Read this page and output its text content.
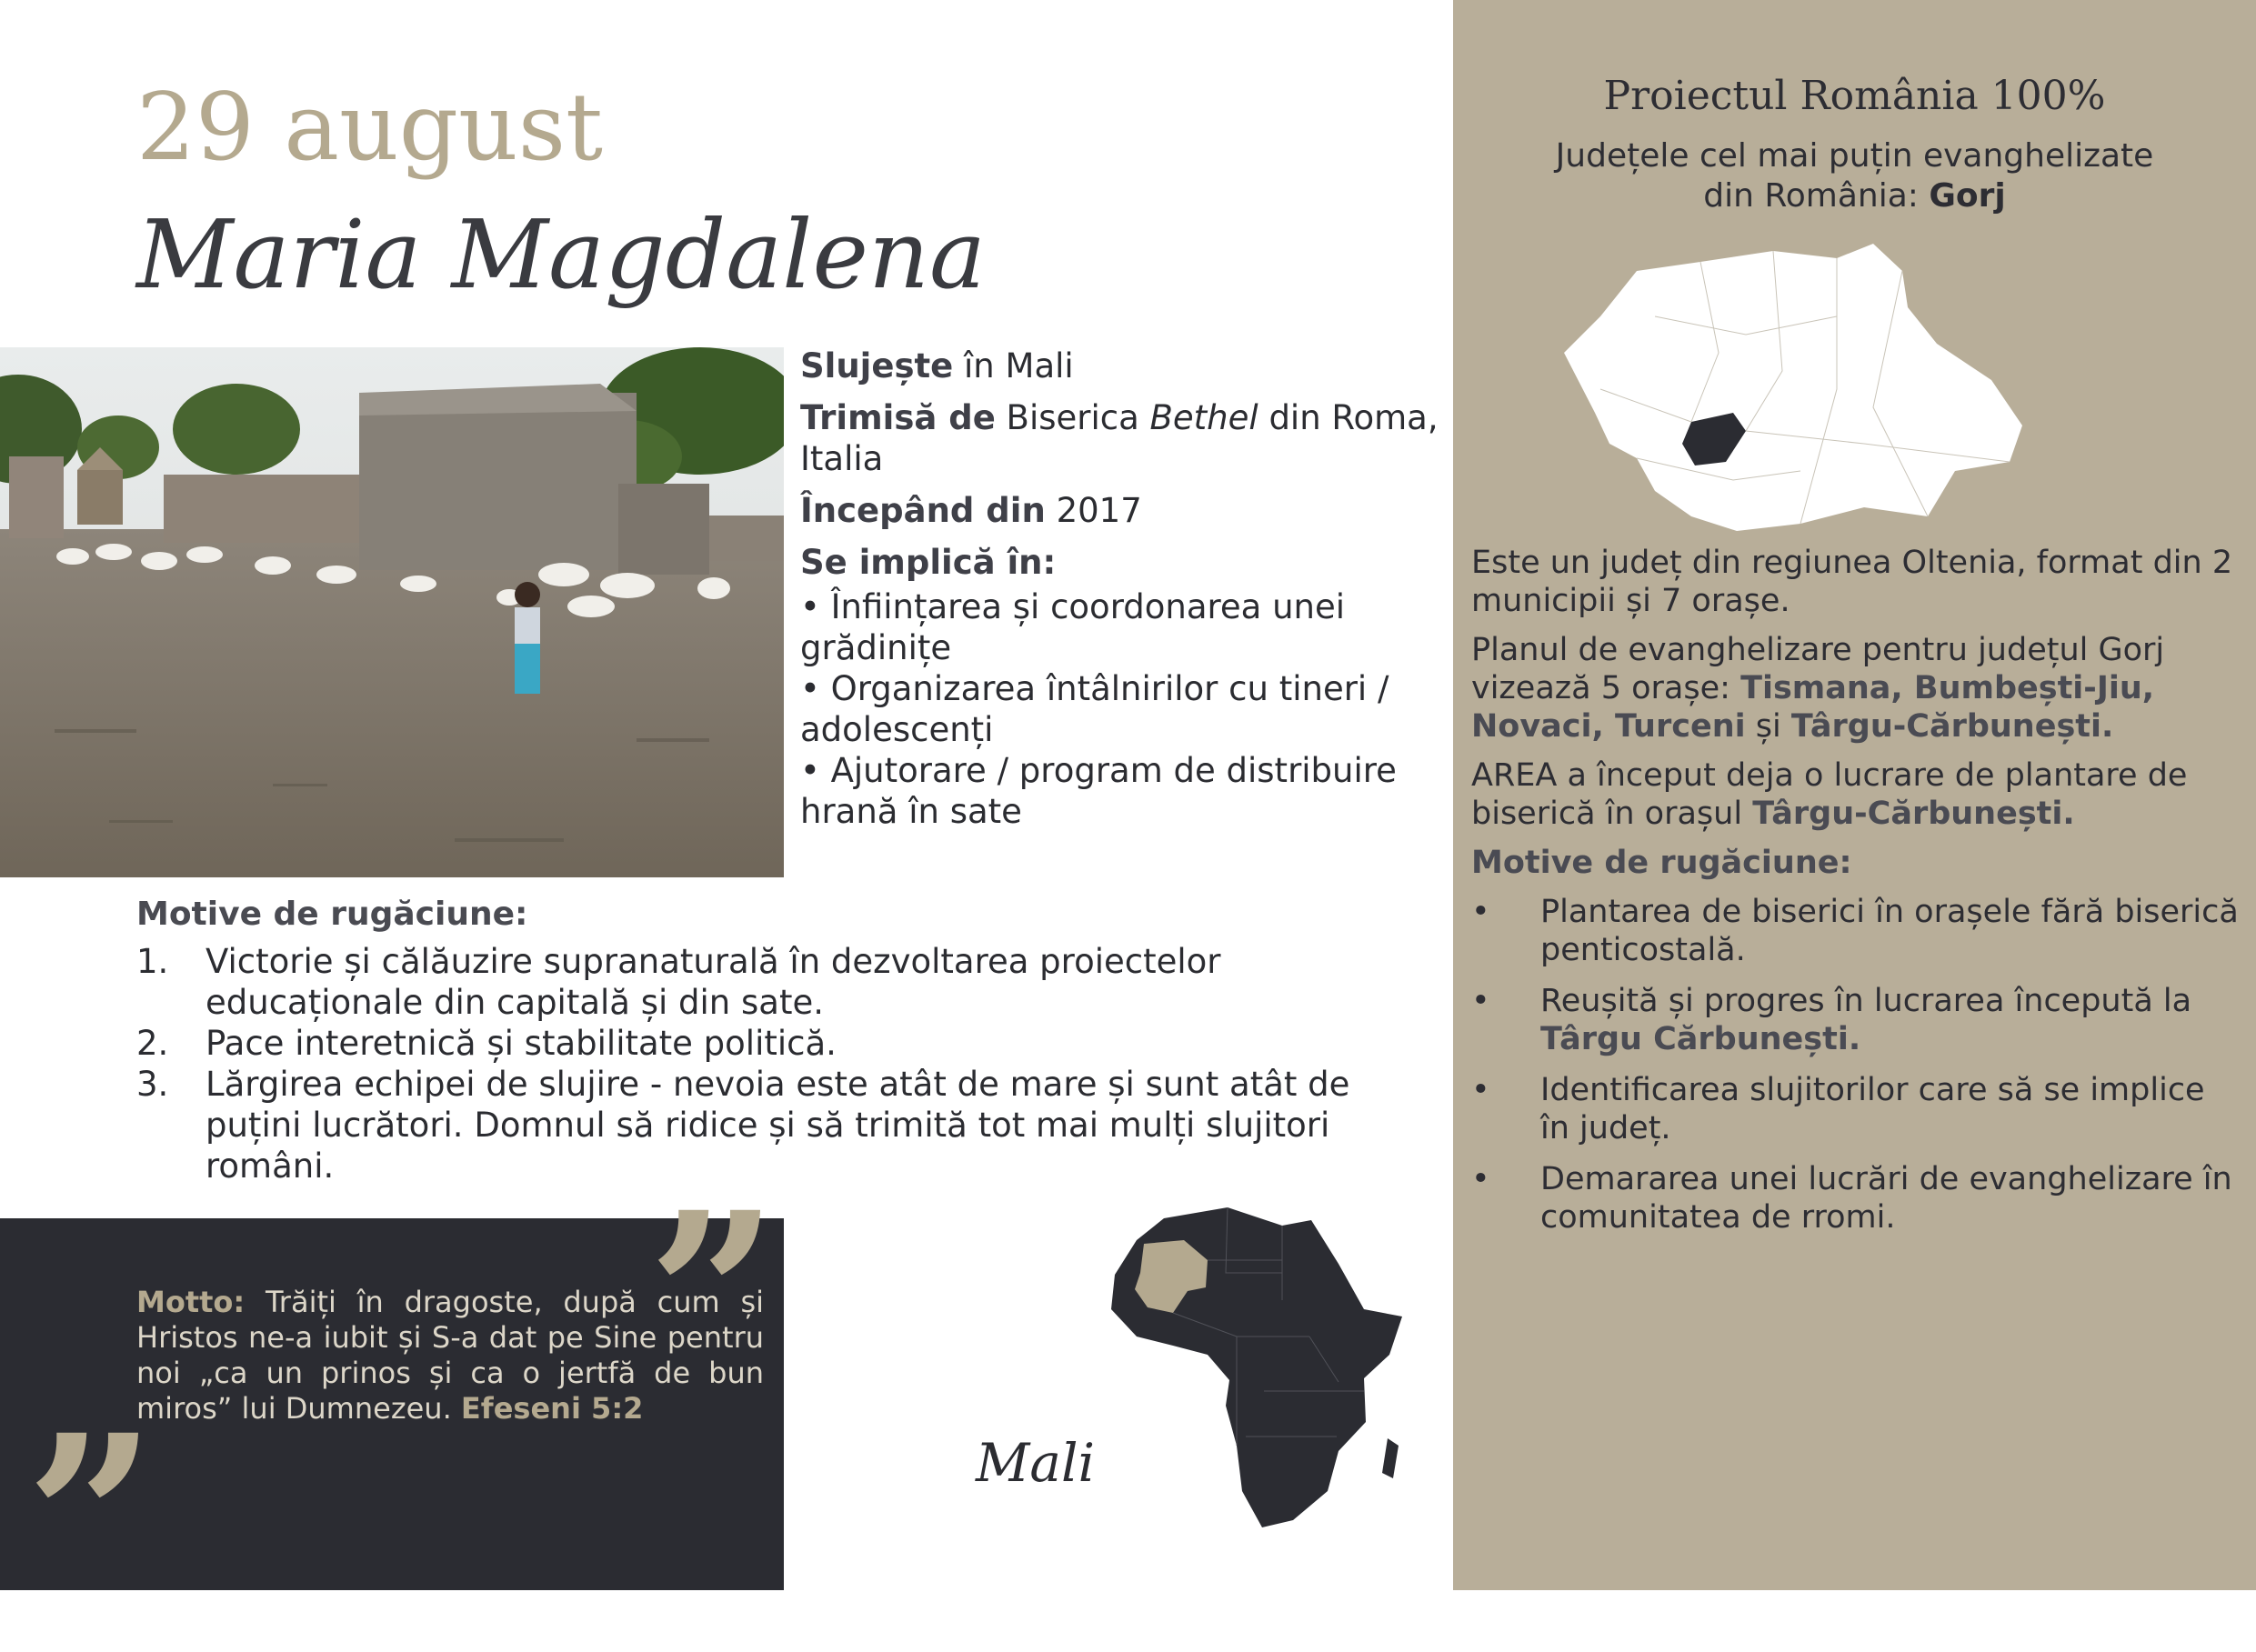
29 august
Maria Magdalena

Slujește în Mali

Trimisă de Biserica Bethel din Roma, Italia

Începând din 2017

Se implică în:

• Înființarea și coordonarea unei grădinițe
• Organizarea întâlnirilor cu tineri / adolescenți
• Ajutorare / program de distribuire hrană în sate
Motive de rugăciune:
1. Victorie și călăuzire supranaturală în dezvoltarea proiectelor educaționale din capitală și din sate.
2. Pace interetnică și stabilitate politică.
3. Lărgirea echipei de slujire - nevoia este atât de mare și sunt atât de puțini lucrători. Domnul să ridice și să trimită tot mai mulți slujitori români.	”
”
Motto: Trăiți în dragoste, după cum și Hristos ne-a iubit și S-a dat pe Sine pentru noi „ca un prinos și ca o jertfă de bun miros” lui Dumnezeu. Efeseni 5:2
Mali
Proiectul România 100%
Județele cel mai puțin evanghelizate
din România: Gorj

Este un județ din regiunea Oltenia, format din 2 municipii și 7 orașe.

Planul de evanghelizare pentru județul Gorj vizează 5 orașe: Tismana, Bumbești-Jiu, Novaci, Turceni și Târgu-Cărbunești.

AREA a început deja o lucrare de plantare de biserică în orașul Târgu-Cărbunești.

Motive de rugăciune:

• Plantarea de biserici în orașele fără biserică penticostală.
• Reușită și progres în lucrarea începută la Târgu Cărbunești.
• Identificarea slujitorilor care să se implice în județ.
• Demararea unei lucrări de evanghelizare în comunitatea de rromi.
